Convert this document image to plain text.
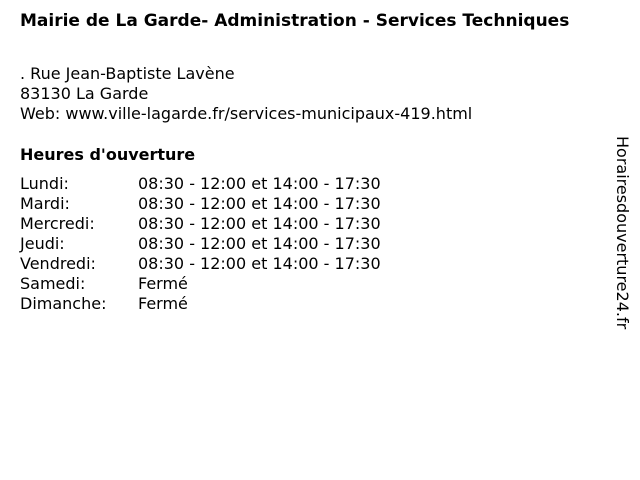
Mairie de La Garde- Administration - Services Techniques
. Rue Jean-Baptiste Lavène
83130 La Garde
Web: www.ville-lagarde.fr/services-municipaux-419.html
Heures d'ouverture
Lundi:	08:30 - 12:00 et 14:00 - 17:30
Mardi:	08:30 - 12:00 et 14:00 - 17:30
Mercredi:	08:30 - 12:00 et 14:00 - 17:30
Jeudi:	08:30 - 12:00 et 14:00 - 17:30
Vendredi:	08:30 - 12:00 et 14:00 - 17:30
Samedi:	Fermé
Dimanche:	Fermé	Horairesdouverture24.fr
